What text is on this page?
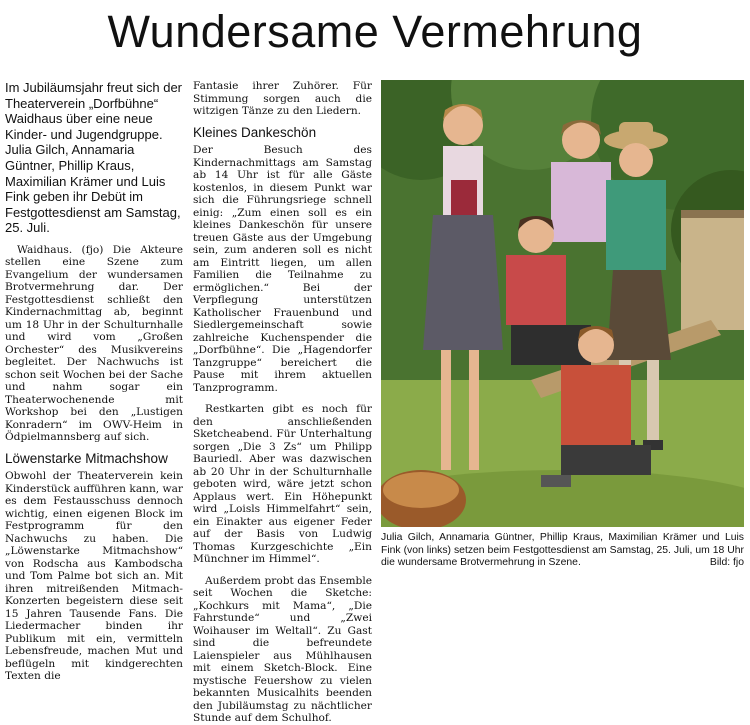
Wundersame Vermehrung
Im Jubiläumsjahr freut sich der Theaterverein „Dorfbühne“ Waidhaus über eine neue Kinder- und Jugendgruppe. Julia Gilch, Annamaria Güntner, Phillip Kraus, Maximilian Krämer und Luis Fink geben ihr Debüt im Festgottesdienst am Samstag, 25. Juli.

Waidhaus. (fjo) Die Akteure stellen eine Szene zum Evangelium der wundersamen Brotvermehrung dar. Der Festgottesdienst schließt den Kindernachmittag ab, beginnt um 18 Uhr in der Schulturnhalle und wird vom „Großen Orchester“ des Musikvereins begleitet. Der Nachwuchs ist schon seit Wochen bei der Sache und nahm sogar ein Theaterwochenende mit Workshop bei den „Lustigen Konradern“ im OWV-Heim in Ödpielmannsberg auf sich.

Löwenstarke Mitmachshow

Obwohl der Theaterverein kein Kinderstück aufführen kann, war es dem Festausschuss dennoch wichtig, einen eigenen Block im Festprogramm für den Nachwuchs zu haben. Die „Löwenstarke Mitmachshow“ von Rodscha aus Kambodscha und Tom Palme bot sich an. Mit ihren mitreißenden Mitmach-Konzerten begeistern diese seit 15 Jahren Tausende Fans. Die Liedermacher binden ihr Publikum mit ein, vermitteln Lebensfreude, machen Mut und beflügeln mit kindgerechten Texten die

Fantasie ihrer Zuhörer. Für Stimmung sorgen auch die witzigen Tänze zu den Liedern.

Kleines Dankeschön

Der Besuch des Kindernachmittags am Samstag ab 14 Uhr ist für alle Gäste kostenlos, in diesem Punkt war sich die Führungsriege schnell einig: „Zum einen soll es ein kleines Dankeschön für unsere treuen Gäste aus der Umgebung sein, zum anderen soll es nicht am Eintritt liegen, um allen Familien die Teilnahme zu ermöglichen.“ Bei der Verpflegung unterstützen Katholischer Frauenbund und Siedlergemeinschaft sowie zahlreiche Kuchenspender die „Dorfbühne“. Die „Hagendorfer Tanzgruppe“ bereichert die Pause mit ihrem aktuellen Tanzprogramm.

Restkarten gibt es noch für den anschließenden Sketcheabend. Für Unterhaltung sorgen „Die 3 Zs“ um Philipp Bauriedl. Aber was dazwischen ab 20 Uhr in der Schulturnhalle geboten wird, wäre jetzt schon Applaus wert. Ein Höhepunkt wird „Loisls Himmelfahrt“ sein, ein Einakter aus eigener Feder auf der Basis von Ludwig Thomas Kurzgeschichte „Ein Münchner im Himmel“.

Außerdem probt das Ensemble seit Wochen die Sketche: „Kochkurs mit Mama“, „Die Fahrstunde“ und „Zwei Woihauser im Weltall“. Zu Gast sind die befreundete Laienspieler aus Mühlhausen mit einem Sketch-Block. Eine mystische Feuershow zu vielen bekannten Musicalhits beenden den Jubiläumstag zu nächtlicher Stunde auf dem Schulhof.

Julia Gilch, Annamaria Güntner, Phillip Kraus, Maximilian Krämer und Luis Fink (von links) setzen beim Festgottesdienst am Samstag, 25. Juli, um 18 Uhr die wundersame Brotvermehrung in Szene.	Bild: fjo
